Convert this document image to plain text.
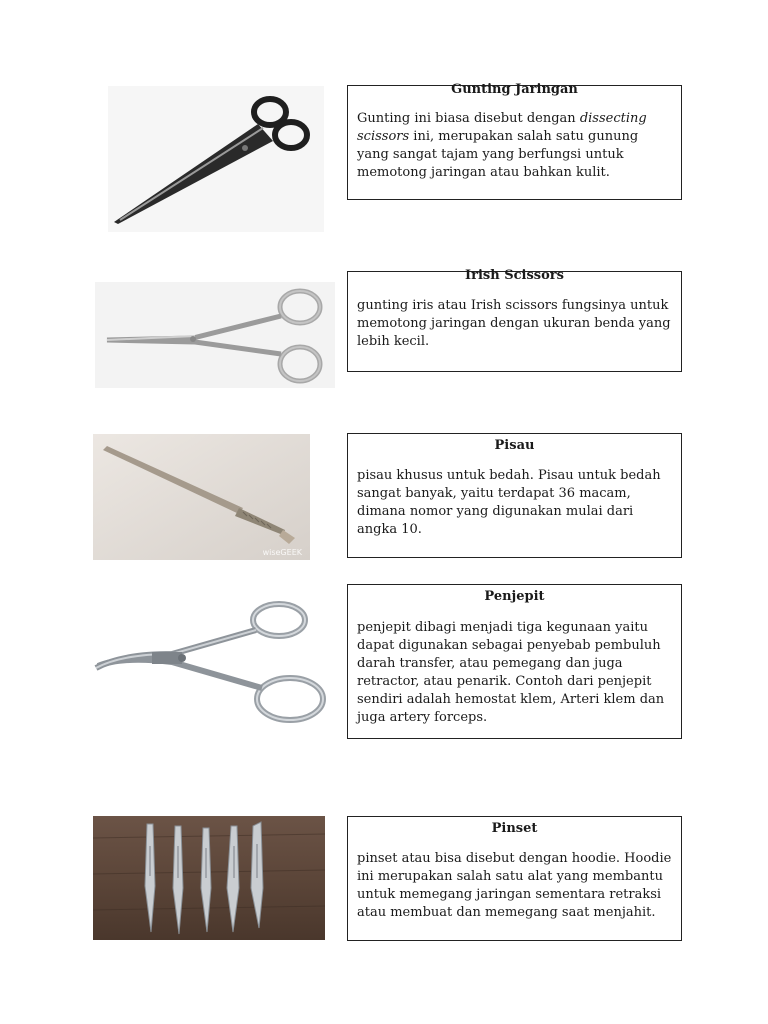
Gunting Jaringan
Gunting ini biasa disebut dengan dissecting scissors ini, merupakan salah satu gunung yang sangat tajam yang berfungsi untuk memotong jaringan atau bahkan kulit.
Irish Scissors
gunting iris atau Irish scissors fungsinya untuk memotong jaringan dengan ukuran benda yang lebih kecil.
wiseGEEK
Pisau
pisau khusus untuk bedah. Pisau untuk bedah sangat banyak, yaitu terdapat 36 macam, dimana nomor yang digunakan mulai dari angka 10.
Penjepit
penjepit dibagi menjadi tiga kegunaan yaitu dapat digunakan sebagai penyebab pembuluh darah transfer, atau pemegang dan juga retractor, atau penarik. Contoh dari penjepit sendiri adalah hemostat klem, Arteri klem dan juga artery forceps.
Pinset
pinset atau bisa disebut dengan hoodie. Hoodie ini merupakan salah satu alat yang membantu untuk memegang jaringan sementara retraksi atau membuat dan memegang saat menjahit.
